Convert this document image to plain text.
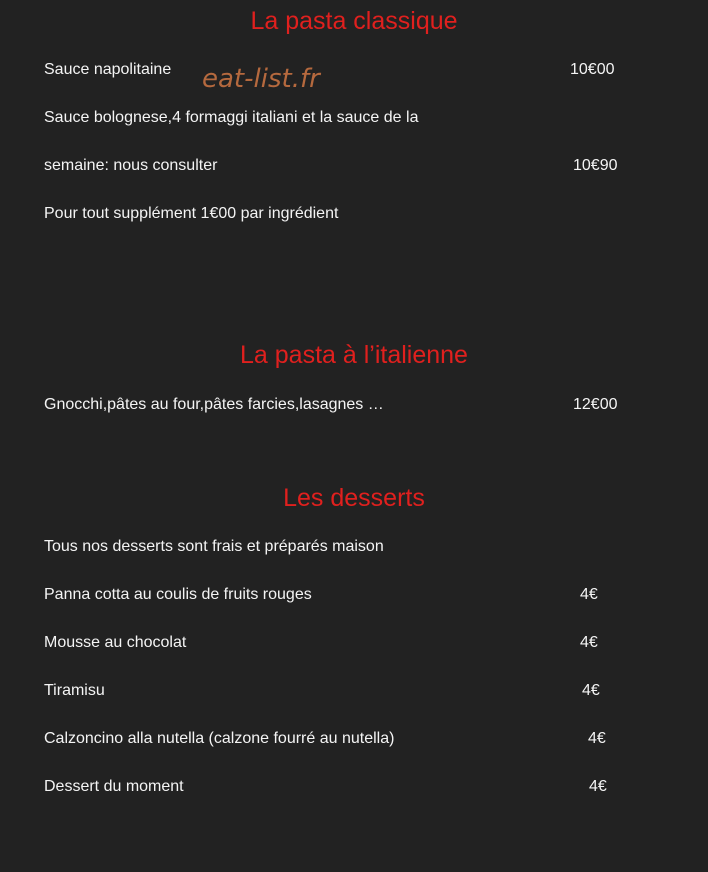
La pasta classique
Sauce napolitaine	10€00
eat-list.fr
Sauce bolognese,4 formaggi italiani et la sauce de la
semaine: nous consulter	10€90
Pour tout supplément 1€00 par ingrédient
La pasta à l’italienne
Gnocchi,pâtes au four,pâtes farcies,lasagnes …	12€00
Les desserts
Tous nos desserts sont frais et préparés maison
Panna cotta au coulis de fruits rouges	4€
Mousse au chocolat	4€
Tiramisu	4€
Calzoncino alla nutella (calzone fourré au nutella)	4€
Dessert du moment	4€
